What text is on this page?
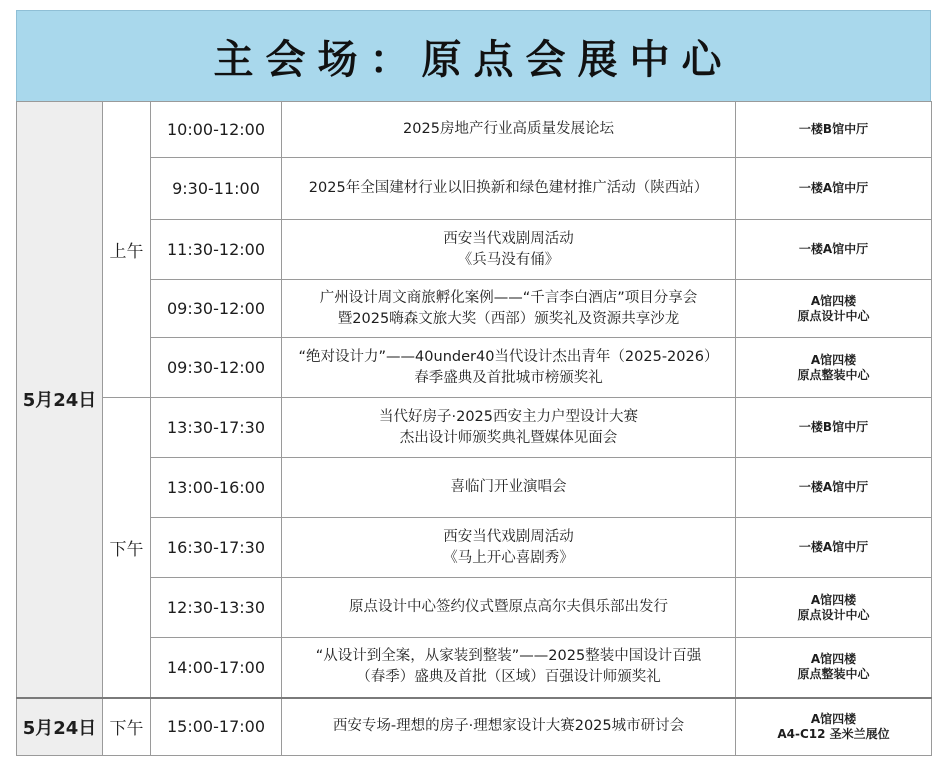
主会场：原点会展中心
5月24日	上午	10:00-12:00	2025房地产行业高质量发展论坛	一楼B馆中厅

		9:30-11:00	2025年全国建材行业以旧换新和绿色建材推广活动（陕西站）	一楼A馆中厅

		11:30-12:00	西安当代戏剧周活动
《兵马没有俑》	一楼A馆中厅

		09:30-12:00	广州设计周文商旅孵化案例——“千言李白酒店”项目分享会
暨2025嗨森文旅大奖（西部）颁奖礼及资源共享沙龙	A馆四楼
原点设计中心

		09:30-12:00	“绝对设计力”——40under40当代设计杰出青年（2025-2026）
春季盛典及首批城市榜颁奖礼	A馆四楼
原点整装中心

	下午	13:30-17:30	当代好房子·2025西安主力户型设计大赛
杰出设计师颁奖典礼暨媒体见面会	一楼B馆中厅

		13:00-16:00	喜临门开业演唱会	一楼A馆中厅

		16:30-17:30	西安当代戏剧周活动
《马上开心喜剧秀》	一楼A馆中厅

		12:30-13:30	原点设计中心签约仪式暨原点高尔夫俱乐部出发行	A馆四楼
原点设计中心

		14:00-17:00	“从设计到全案，从家装到整装”——2025整装中国设计百强
（春季）盛典及首批（区域）百强设计师颁奖礼	A馆四楼
原点整装中心

5月24日	下午	15:00-17:00	西安专场-理想的房子·理想家设计大赛2025城市研讨会	A馆四楼
A4-C12 圣米兰展位
